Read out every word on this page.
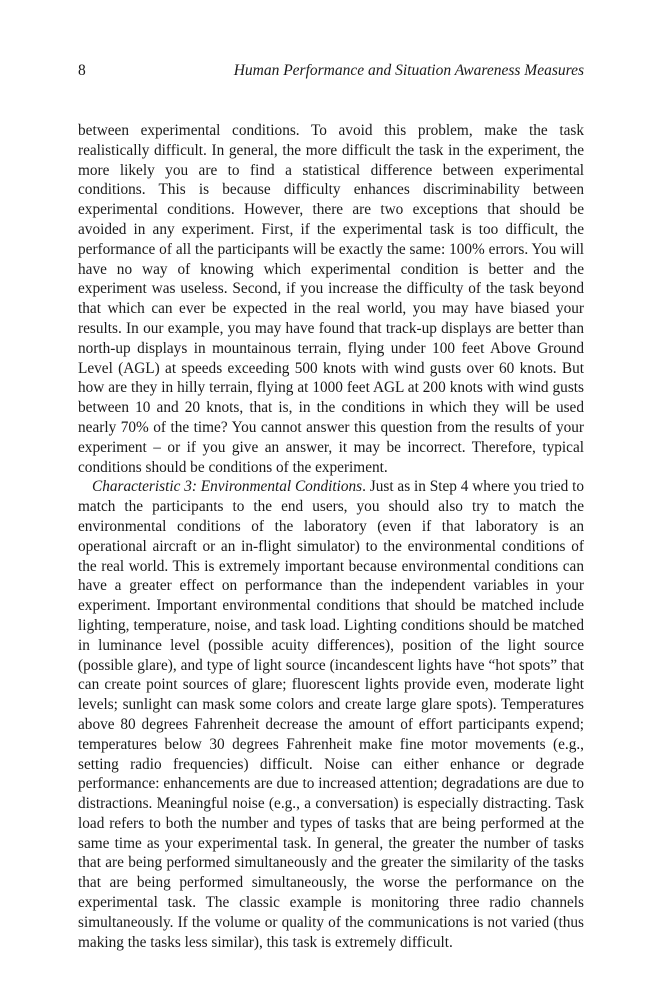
8	Human Performance and Situation Awareness Measures

between experimental conditions. To avoid this problem, make the task realistically difficult. In general, the more difficult the task in the experiment, the more likely you are to find a statistical difference between experimental conditions. This is because difficulty enhances discriminability between experimental conditions. However, there are two exceptions that should be avoided in any experiment. First, if the experimental task is too difficult, the performance of all the participants will be exactly the same: 100% errors. You will have no way of knowing which experimental condition is better and the experiment was useless. Second, if you increase the difficulty of the task beyond that which can ever be expected in the real world, you may have biased your results. In our example, you may have found that track-up displays are better than north-up displays in mountainous terrain, flying under 100 feet Above Ground Level (AGL) at speeds exceeding 500 knots with wind gusts over 60 knots. But how are they in hilly terrain, flying at 1000 feet AGL at 200 knots with wind gusts between 10 and 20 knots, that is, in the conditions in which they will be used nearly 70% of the time? You cannot answer this question from the results of your experiment – or if you give an answer, it may be incorrect. Therefore, typical conditions should be conditions of the experiment.

Characteristic 3: Environmental Conditions. Just as in Step 4 where you tried to match the participants to the end users, you should also try to match the environmental conditions of the laboratory (even if that laboratory is an operational aircraft or an in-flight simulator) to the environmental conditions of the real world. This is extremely important because environmental conditions can have a greater effect on performance than the independent variables in your experiment. Important environmental conditions that should be matched include lighting, temperature, noise, and task load. Lighting conditions should be matched in luminance level (possible acuity differences), position of the light source (possible glare), and type of light source (incandescent lights have “hot spots” that can create point sources of glare; fluorescent lights provide even, moderate light levels; sunlight can mask some colors and create large glare spots). Temperatures above 80 degrees Fahrenheit decrease the amount of effort participants expend; temperatures below 30 degrees Fahrenheit make fine motor movements (e.g., setting radio frequencies) difficult. Noise can either enhance or degrade performance: enhancements are due to increased attention; degradations are due to distractions. Meaningful noise (e.g., a conversation) is especially distracting. Task load refers to both the number and types of tasks that are being performed at the same time as your experimental task. In general, the greater the number of tasks that are being performed simultaneously and the greater the similarity of the tasks that are being performed simultaneously, the worse the performance on the experimental task. The classic example is monitoring three radio channels simultaneously. If the volume or quality of the communications is not varied (thus making the tasks less similar), this task is extremely difficult.
